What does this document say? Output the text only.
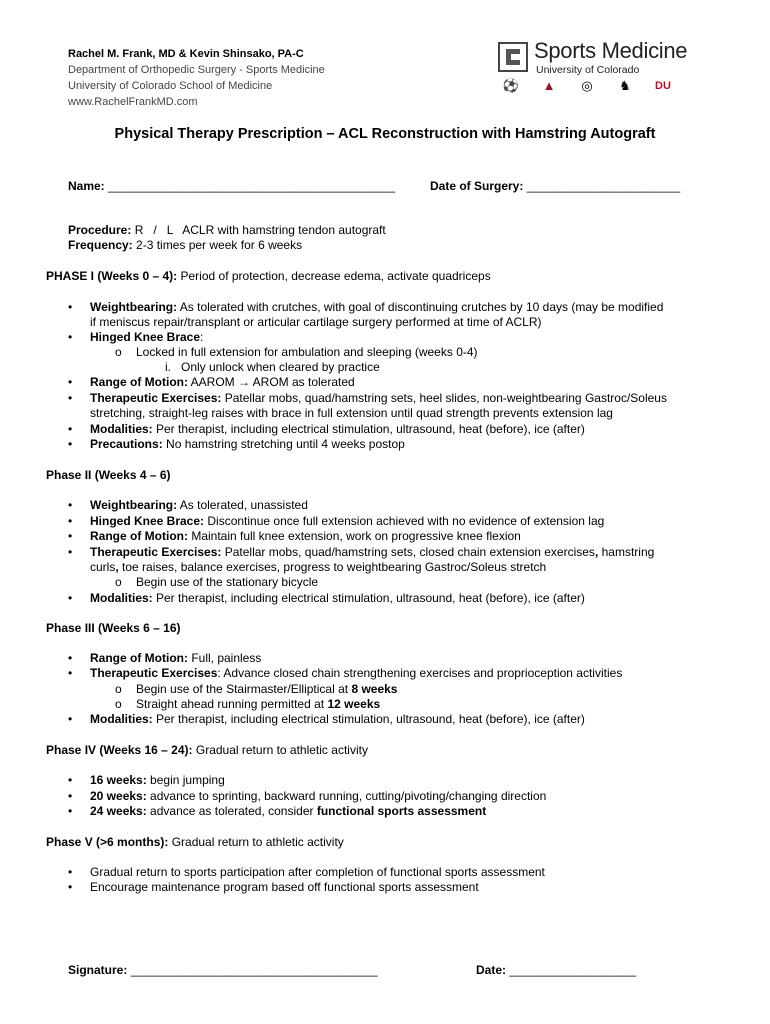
Rachel M. Frank, MD & Kevin Shinsako, PA-C
Department of Orthopedic Surgery - Sports Medicine
University of Colorado School of Medicine
www.RachelFrankMD.com
Sports Medicine
University of Colorado
⚽ ▲ ◎ ♞ DU
Physical Therapy Prescription – ACL Reconstruction with Hamstring Autograft
Name: ___________________________________________	Date of Surgery: _______________________
Procedure: R   /   L   ACLR with hamstring tendon autograft
Frequency: 2-3 times per week for 6 weeks
PHASE I (Weeks 0 – 4): Period of protection, decrease edema, activate quadriceps
• Weightbearing: As tolerated with crutches, with goal of discontinuing crutches by 10 days (may be modified
if meniscus repair/transplant or articular cartilage surgery performed at time of ACLR)
• Hinged Knee Brace:
o Locked in full extension for ambulation and sleeping (weeks 0-4)
i. Only unlock when cleared by practice
• Range of Motion: AAROM → AROM as tolerated
• Therapeutic Exercises: Patellar mobs, quad/hamstring sets, heel slides, non-weightbearing Gastroc/Soleus
stretching, straight-leg raises with brace in full extension until quad strength prevents extension lag
• Modalities: Per therapist, including electrical stimulation, ultrasound, heat (before), ice (after)
• Precautions: No hamstring stretching until 4 weeks postop
Phase II (Weeks 4 – 6)
• Weightbearing: As tolerated, unassisted
• Hinged Knee Brace: Discontinue once full extension achieved with no evidence of extension lag
• Range of Motion: Maintain full knee extension, work on progressive knee flexion
• Therapeutic Exercises: Patellar mobs, quad/hamstring sets, closed chain extension exercises, hamstring
curls, toe raises, balance exercises, progress to weightbearing Gastroc/Soleus stretch
o Begin use of the stationary bicycle
• Modalities: Per therapist, including electrical stimulation, ultrasound, heat (before), ice (after)
Phase III (Weeks 6 – 16)
• Range of Motion: Full, painless
• Therapeutic Exercises: Advance closed chain strengthening exercises and proprioception activities
o Begin use of the Stairmaster/Elliptical at 8 weeks
o Straight ahead running permitted at 12 weeks
• Modalities: Per therapist, including electrical stimulation, ultrasound, heat (before), ice (after)
Phase IV (Weeks 16 – 24): Gradual return to athletic activity
• 16 weeks: begin jumping
• 20 weeks: advance to sprinting, backward running, cutting/pivoting/changing direction
• 24 weeks: advance as tolerated, consider functional sports assessment
Phase V (>6 months): Gradual return to athletic activity
• Gradual return to sports participation after completion of functional sports assessment
• Encourage maintenance program based off functional sports assessment
Signature: _____________________________________	Date: ___________________
